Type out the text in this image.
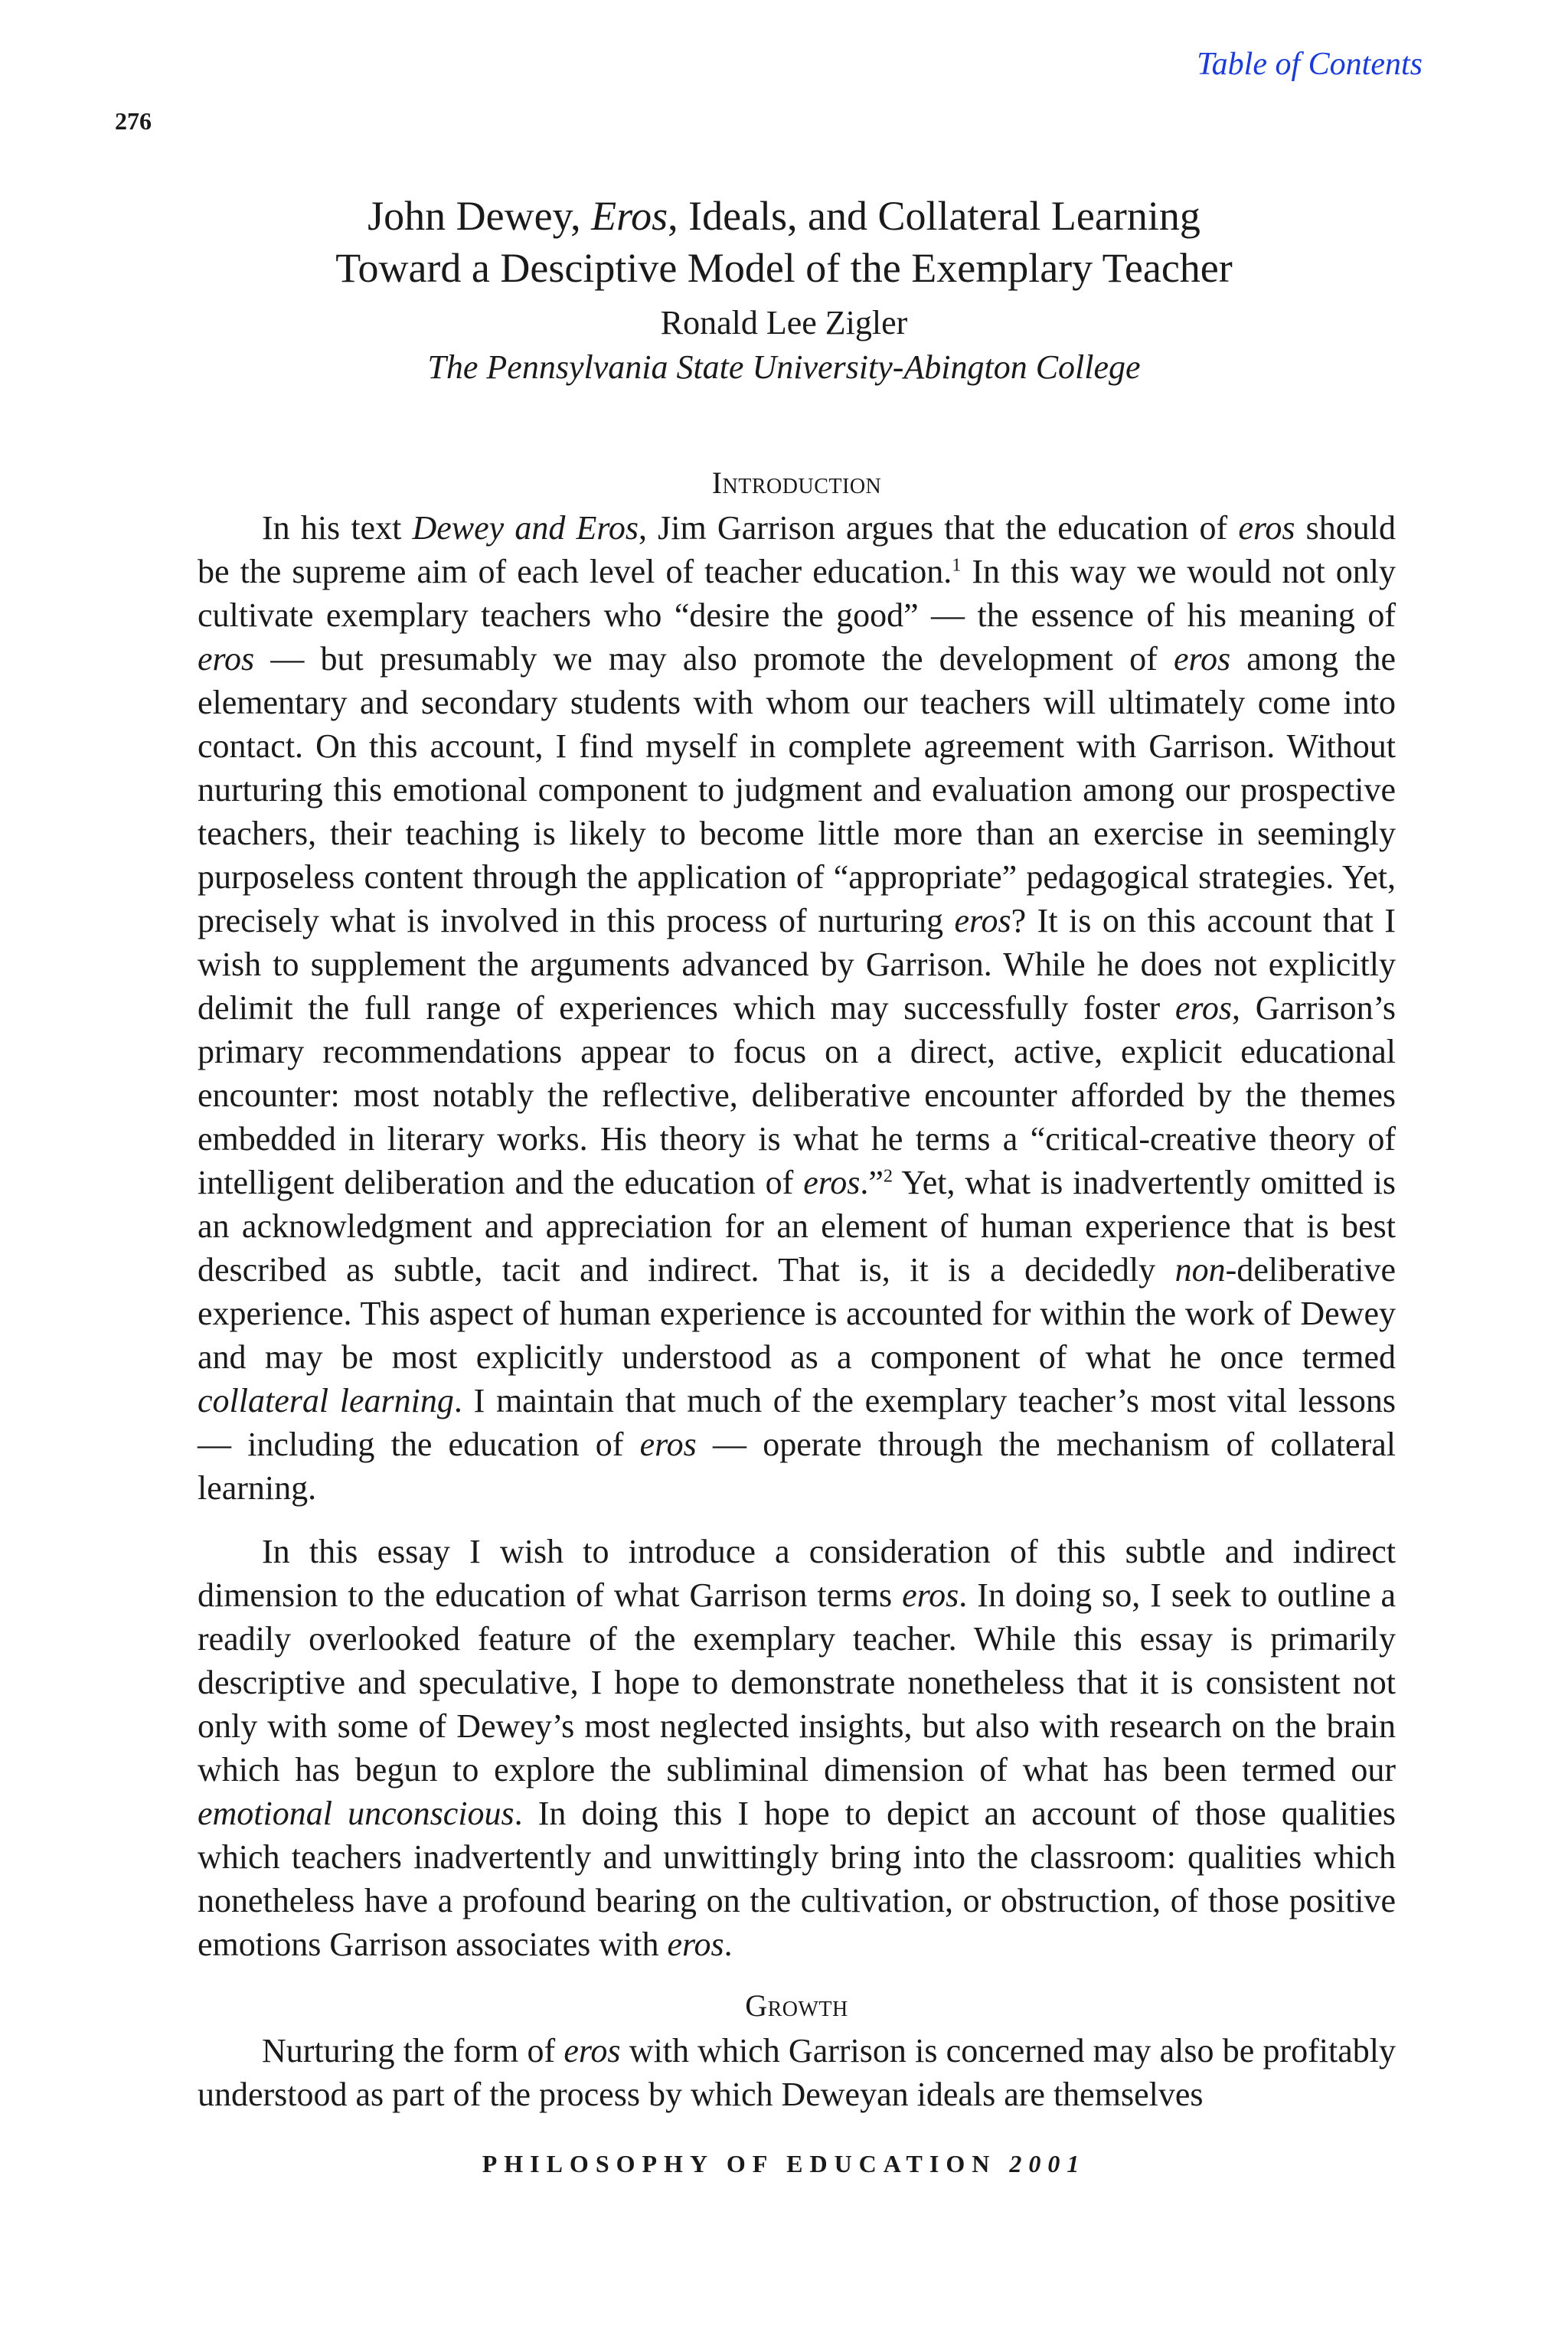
Table of Contents
276
John Dewey, Eros, Ideals, and Collateral Learning
Toward a Desciptive Model of the Exemplary Teacher
Ronald Lee Zigler
The Pennsylvania State University-Abington College
Introduction

In his text Dewey and Eros, Jim Garrison argues that the education of eros should be the supreme aim of each level of teacher education.$^1$ In this way we would not only cultivate exemplary teachers who “desire the good” — the essence of his meaning of eros — but presumably we may also promote the development of eros among the elementary and secondary students with whom our teachers will ultimately come into contact. On this account, I find myself in complete agreement with Garrison. Without nurturing this emotional component to judgment and evaluation among our prospective teachers, their teaching is likely to become little more than an exercise in seemingly purposeless content through the application of “appropriate” pedagogical strategies. Yet, precisely what is involved in this process of nurturing eros? It is on this account that I wish to supplement the arguments advanced by Garrison. While he does not explicitly delimit the full range of experiences which may successfully foster eros, Garrison’s primary recommendations appear to focus on a direct, active, explicit educational encounter: most notably the reflective, deliberative encounter afforded by the themes embedded in literary works. His theory is what he terms a “critical-creative theory of intelligent deliberation and the education of eros.”$^2$ Yet, what is inadvertently omitted is an acknowledgment and appreciation for an element of human experience that is best described as subtle, tacit and indirect. That is, it is a decidedly non-deliberative experience. This aspect of human experience is accounted for within the work of Dewey and may be most explicitly understood as a component of what he once termed collateral learning. I maintain that much of the exemplary teacher’s most vital lessons — including the education of eros — operate through the mechanism of collateral learning.

In this essay I wish to introduce a consideration of this subtle and indirect dimension to the education of what Garrison terms eros. In doing so, I seek to outline a readily overlooked feature of the exemplary teacher. While this essay is primarily descriptive and speculative, I hope to demonstrate nonetheless that it is consistent not only with some of Dewey’s most neglected insights, but also with research on the brain which has begun to explore the subliminal dimension of what has been termed our emotional unconscious. In doing this I hope to depict an account of those qualities which teachers inadvertently and unwittingly bring into the classroom: qualities which nonetheless have a profound bearing on the cultivation, or obstruction, of those positive emotions Garrison associates with eros.

Growth

Nurturing the form of eros with which Garrison is concerned may also be profitably understood as part of the process by which Deweyan ideals are themselves

PHILOSOPHY OF EDUCATION 2001
